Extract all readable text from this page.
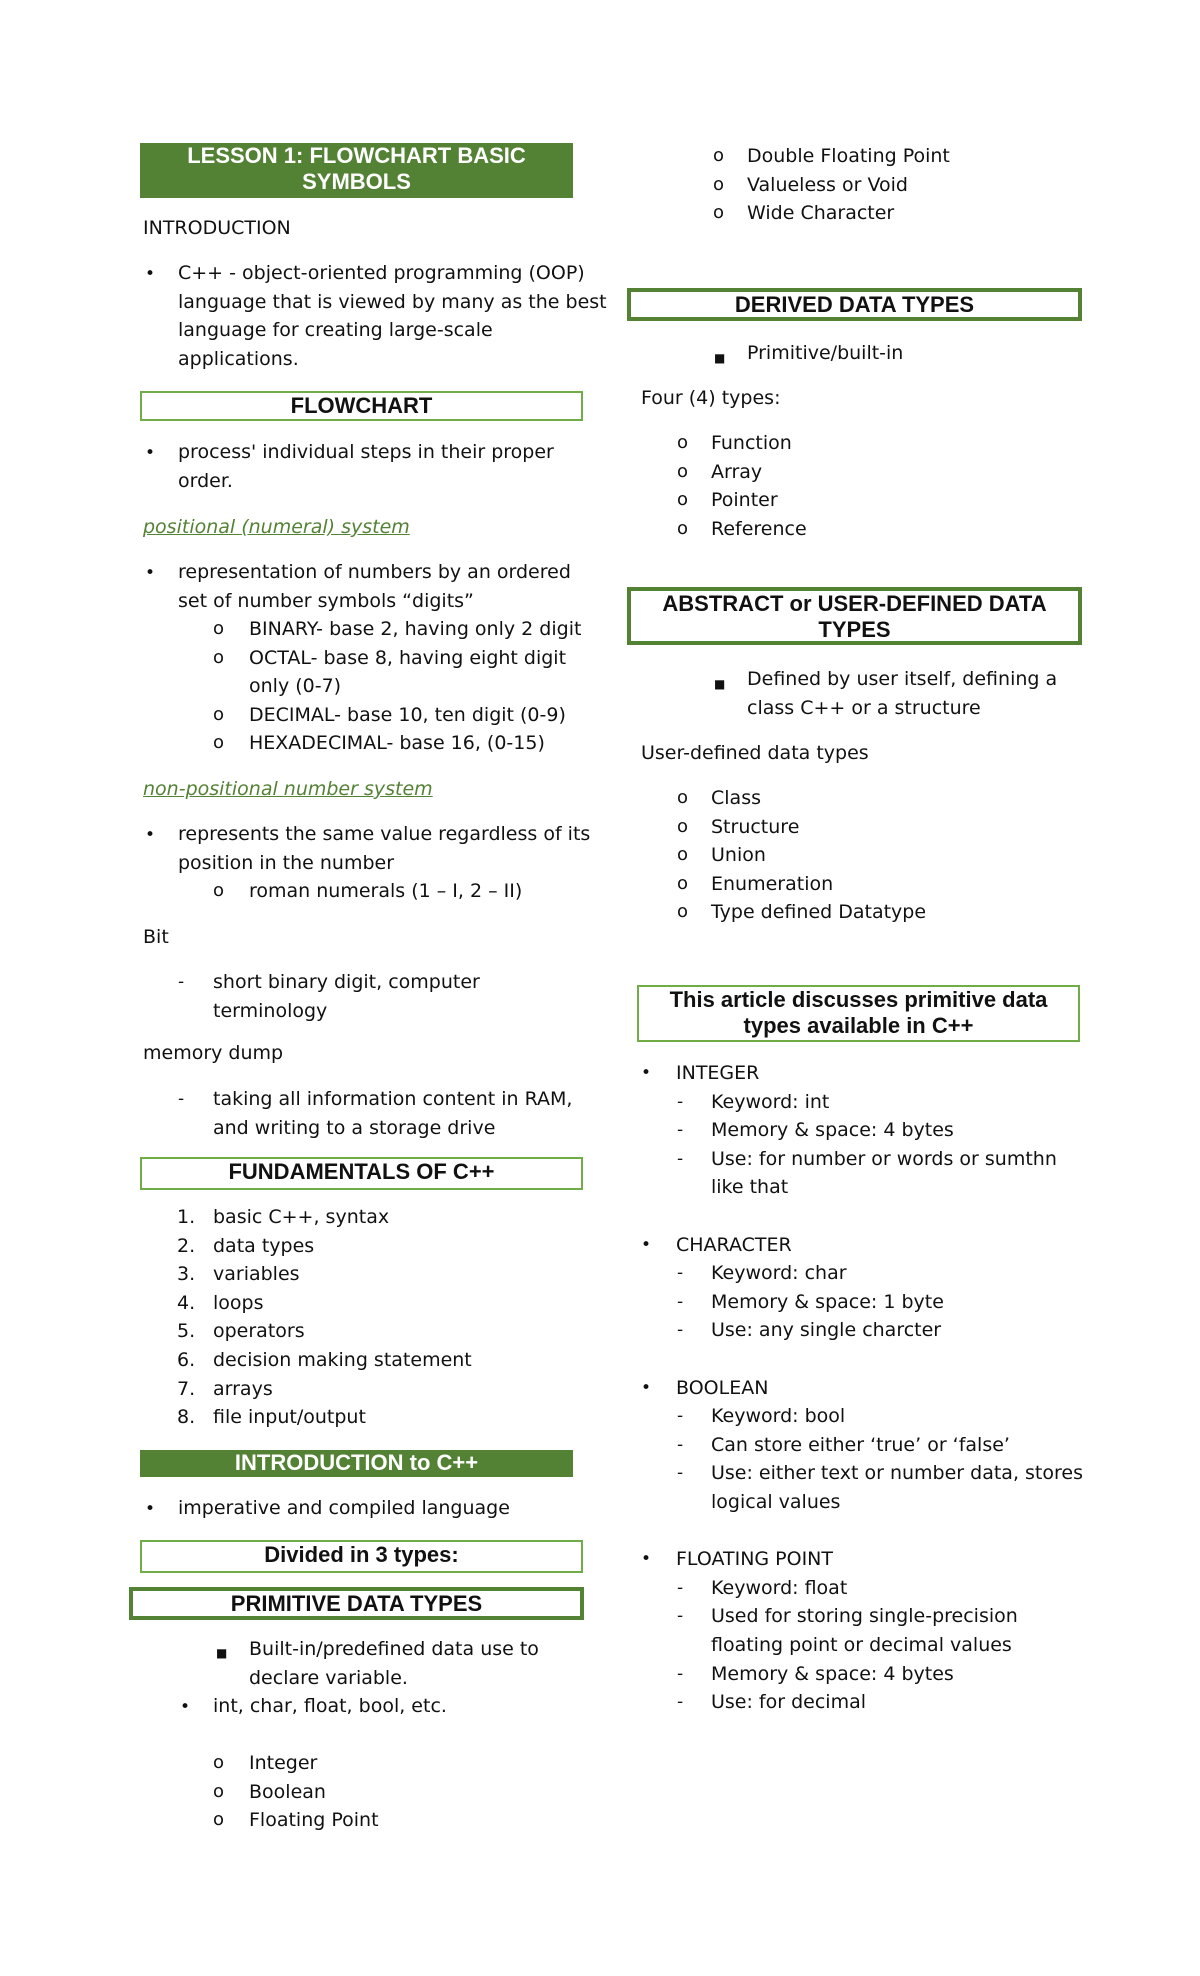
LESSON 1: FLOWCHART BASIC SYMBOLS
INTRODUCTION
• C++ - object-oriented programming (OOP)
language that is viewed by many as the best
language for creating large-scale
applications.
FLOWCHART
• process' individual steps in their proper
order.
positional (numeral) system
• representation of numbers by an ordered
set of number symbols “digits”
o BINARY- base 2, having only 2 digit
o OCTAL- base 8, having eight digit
only (0-7)
o DECIMAL- base 10, ten digit (0-9)
o HEXADECIMAL- base 16, (0-15)
non-positional number system
• represents the same value regardless of its
position in the number
o roman numerals (1 – I, 2 – II)
Bit
- short binary digit, computer
terminology
memory dump
- taking all information content in RAM,
and writing to a storage drive
FUNDAMENTALS OF C++
1. basic C++, syntax
2. data types
3. variables
4. loops
5. operators
6. decision making statement
7. arrays
8. file input/output
INTRODUCTION to C++
• imperative and compiled language
Divided in 3 types:
PRIMITIVE DATA TYPES
■ Built-in/predefined data use to
declare variable.
• int, char, float, bool, etc.
o Integer
o Boolean
o Floating Point
o Double Floating Point
o Valueless or Void
o Wide Character
DERIVED DATA TYPES
■ Primitive/built-in
Four (4) types:
o Function
o Array
o Pointer
o Reference
ABSTRACT or USER-DEFINED DATA TYPES
■ Defined by user itself, defining a
class C++ or a structure
User-defined data types
o Class
o Structure
o Union
o Enumeration
o Type defined Datatype
This article discusses primitive data types available in C++
• INTEGER
- Keyword: int
- Memory & space: 4 bytes
- Use: for number or words or sumthn
like that
• CHARACTER
- Keyword: char
- Memory & space: 1 byte
- Use: any single charcter
• BOOLEAN
- Keyword: bool
- Can store either ‘true’ or ‘false’
- Use: either text or number data, stores
logical values
• FLOATING POINT
- Keyword: float
- Used for storing single-precision
floating point or decimal values
- Memory & space: 4 bytes
- Use: for decimal
